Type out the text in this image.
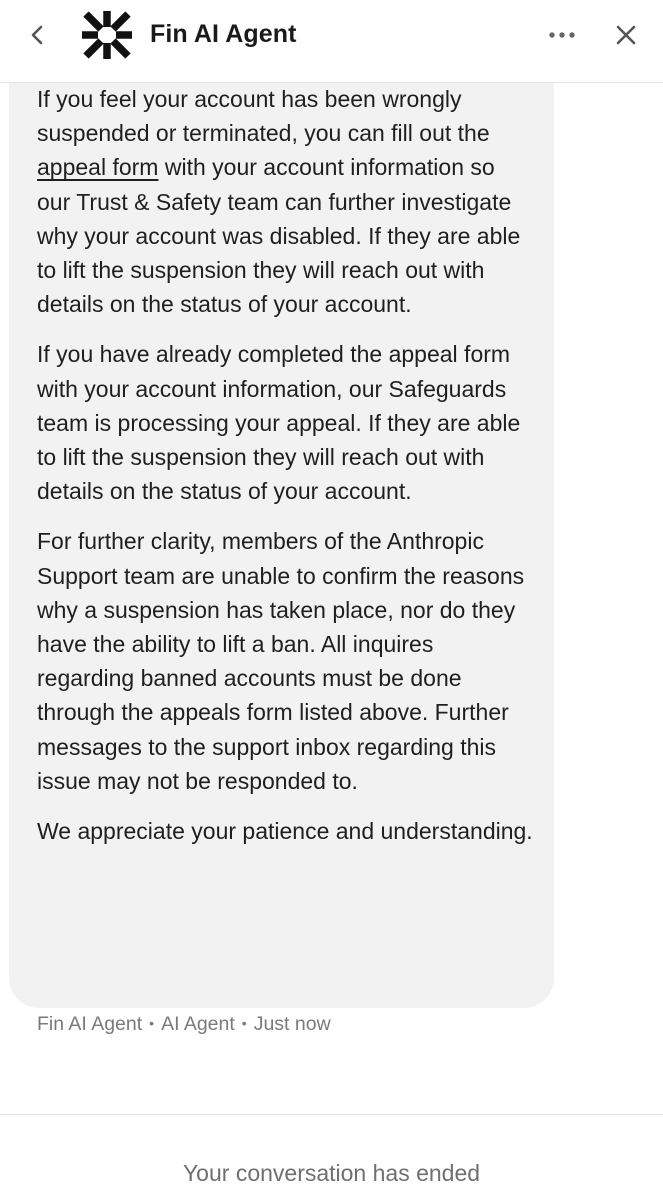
If you feel your account has been wrongly suspended or terminated, you can fill out the appeal form with your account information so our Trust & Safety team can further investigate why your account was disabled. If they are able to lift the suspension they will reach out with details on the status of your account.

If you have already completed the appeal form with your account information, our Safeguards team is processing your appeal. If they are able to lift the suspension they will reach out with details on the status of your account.

For further clarity, members of the Anthropic Support team are unable to confirm the reasons why a suspension has taken place, nor do they have the ability to lift a ban. All inquires regarding banned accounts must be done through the appeals form listed above. Further messages to the support inbox regarding this issue may not be responded to.

We appreciate your patience and understanding.

Fin AI Agent
Fin AI Agent • AI Agent • Just now
Your conversation has ended
